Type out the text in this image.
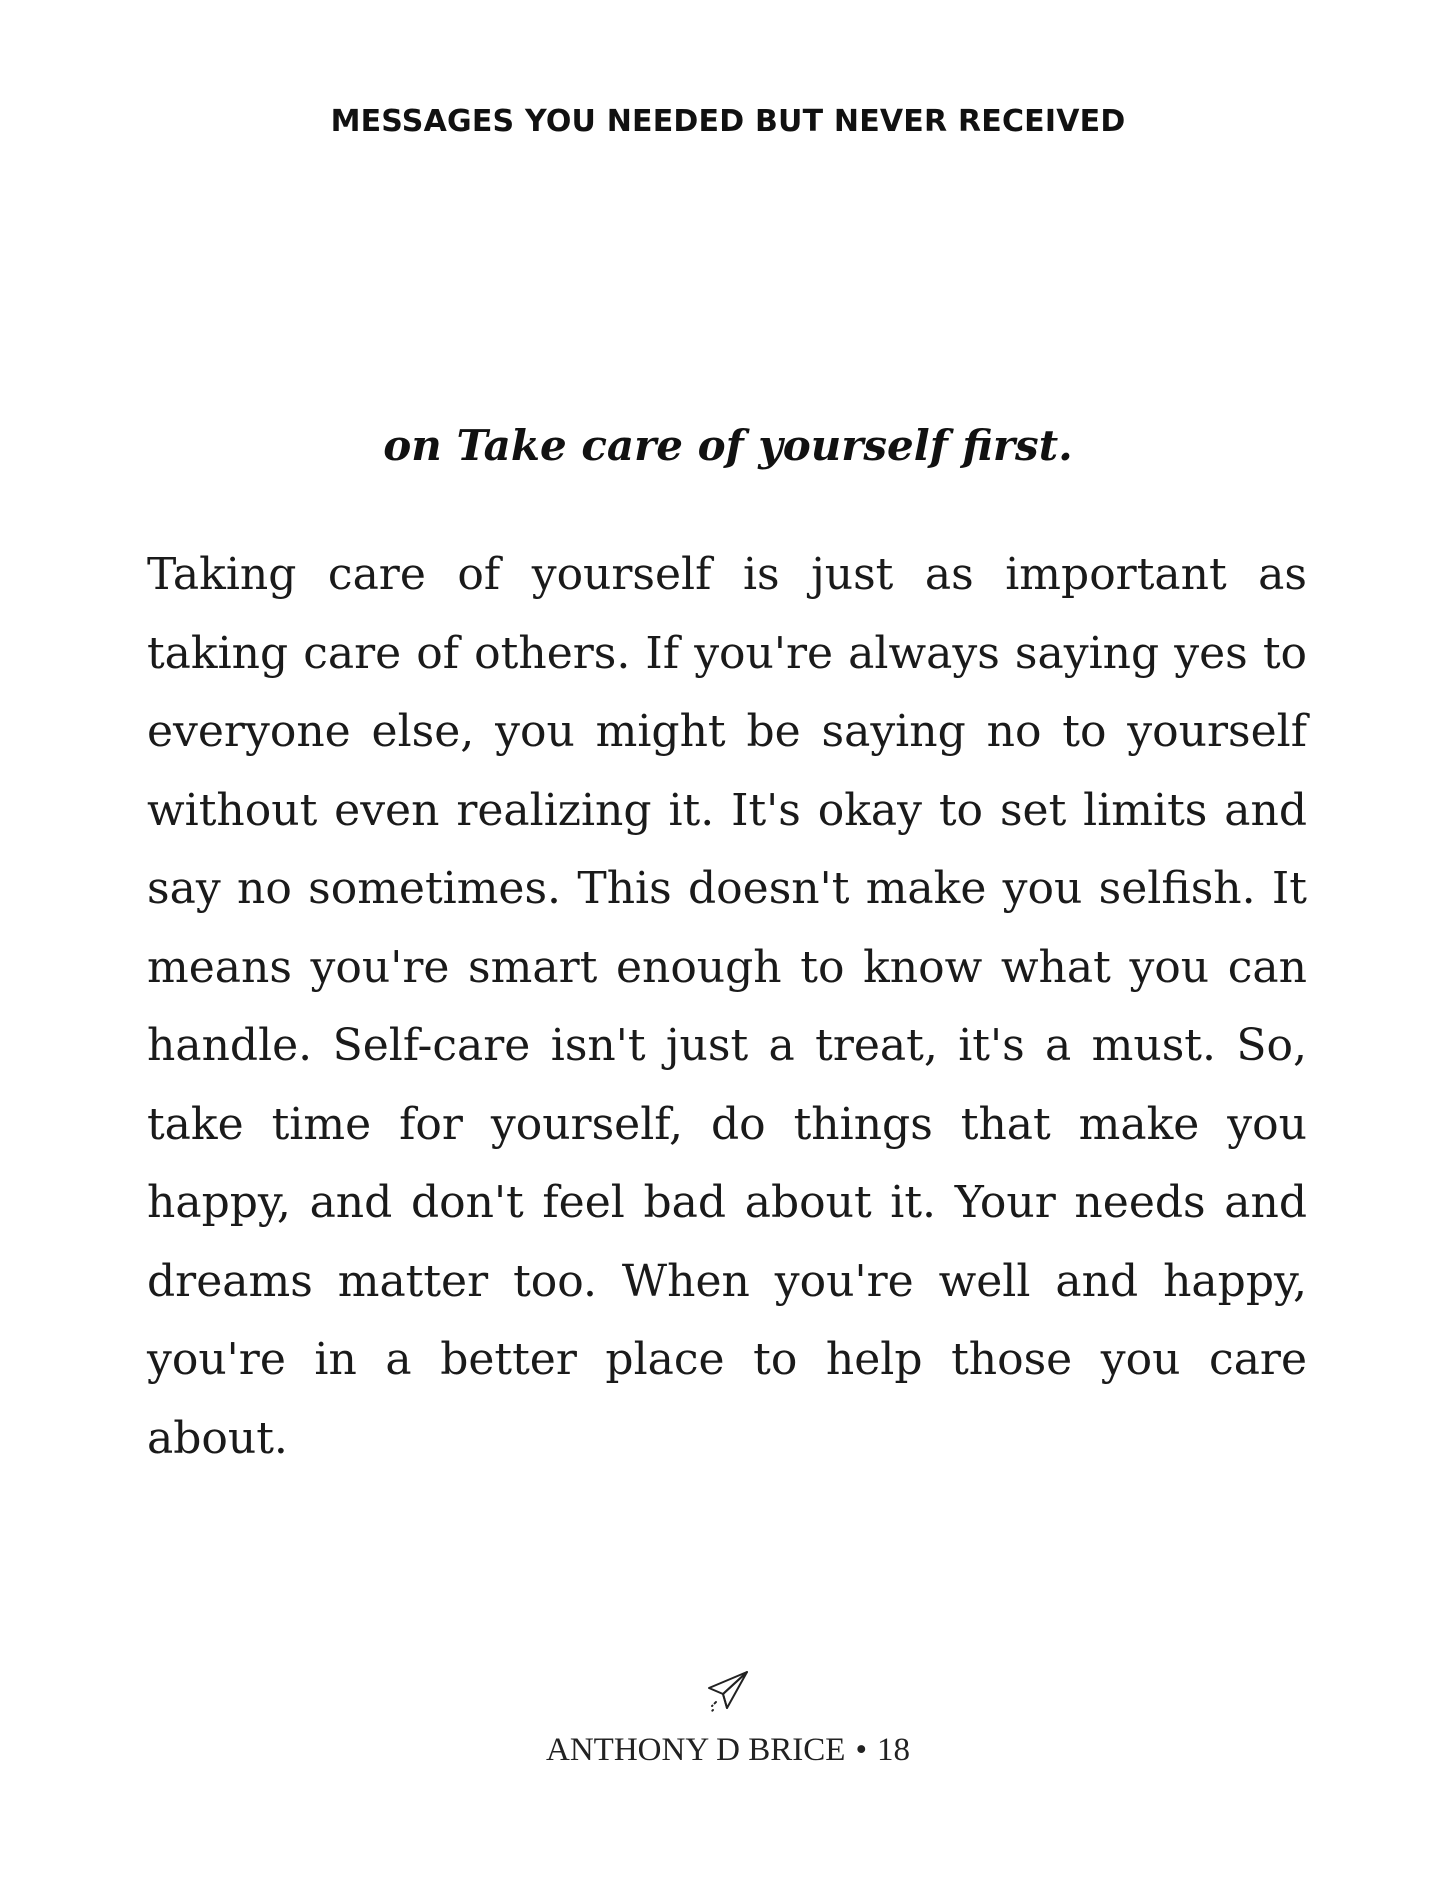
MESSAGES YOU NEEDED BUT NEVER RECEIVED
on Take care of yourself first.

Taking care of yourself is just as important as taking care of others. If you're always saying yes to everyone else, you might be saying no to yourself without even realizing it. It's okay to set limits and say no sometimes. This doesn't make you selfish. It means you're smart enough to know what you can handle. Self-care isn't just a treat, it's a must. So, take time for yourself, do things that make you happy, and don't feel bad about it. Your needs and dreams matter too. When you're well and happy, you're in a better place to help those you care about.

ANTHONY D BRICE • 18
